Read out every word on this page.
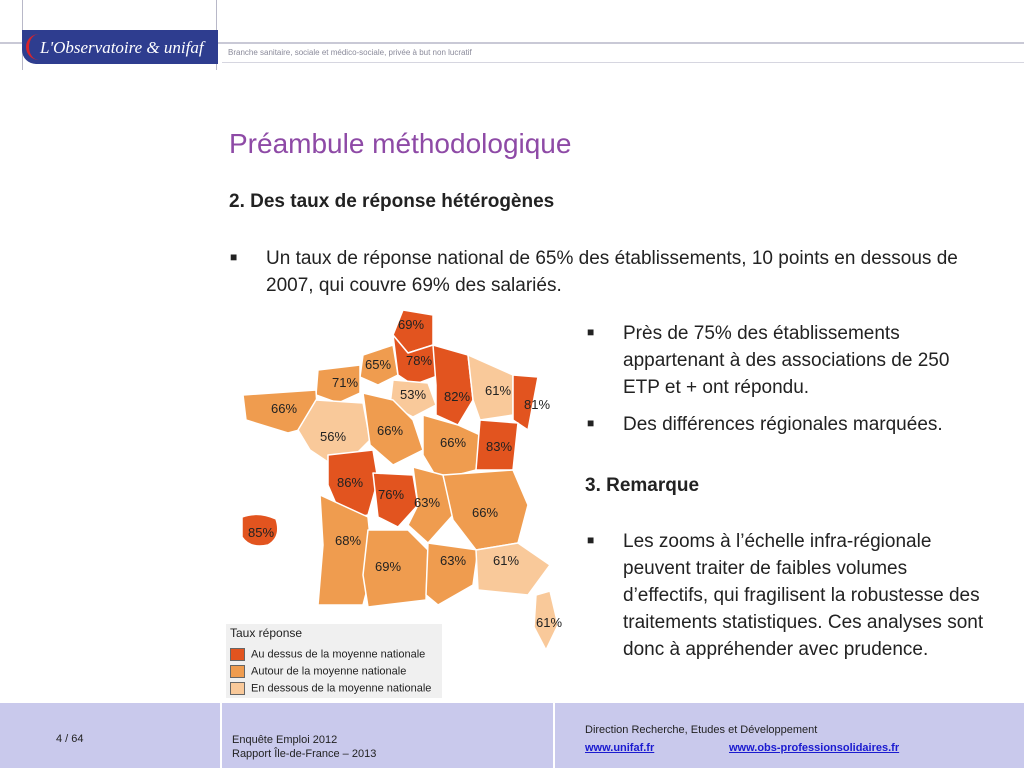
L'Observatoire & unifaf	Branche sanitaire, sociale et médico-sociale, privée à but non lucratif
Préambule méthodologique
2. Des taux de réponse hétérogènes
■ Un taux de réponse national de 65% des établissements, 10 points en dessous de 2007, qui couvre 69% des salariés.
■ Près de 75% des établissements appartenant à des associations de 250 ETP et + ont répondu.
■ Des différences régionales marquées.
3. Remarque
■ Les zooms à l’échelle infra-régionale peuvent traiter de faibles volumes d’effectifs, qui fragilisent la robustesse des traitements statistiques. Ces analyses sont donc à appréhender avec prudence.
69%
65% 78%
71%
53% 82% 61%
81%
66%
56% 66%
66% 83%
86%
76%
63%
66%
85%
68%
69%	63% 61%
61%
Taux réponse
Au dessus de la moyenne nationale
Autour de la moyenne nationale
En dessous de la moyenne nationale
4 / 64	Enquête Emploi 2012
Rapport Île-de-France – 2013
Direction Recherche, Etudes et Développement
www.unifaf.fr	www.obs-professionsolidaires.fr
